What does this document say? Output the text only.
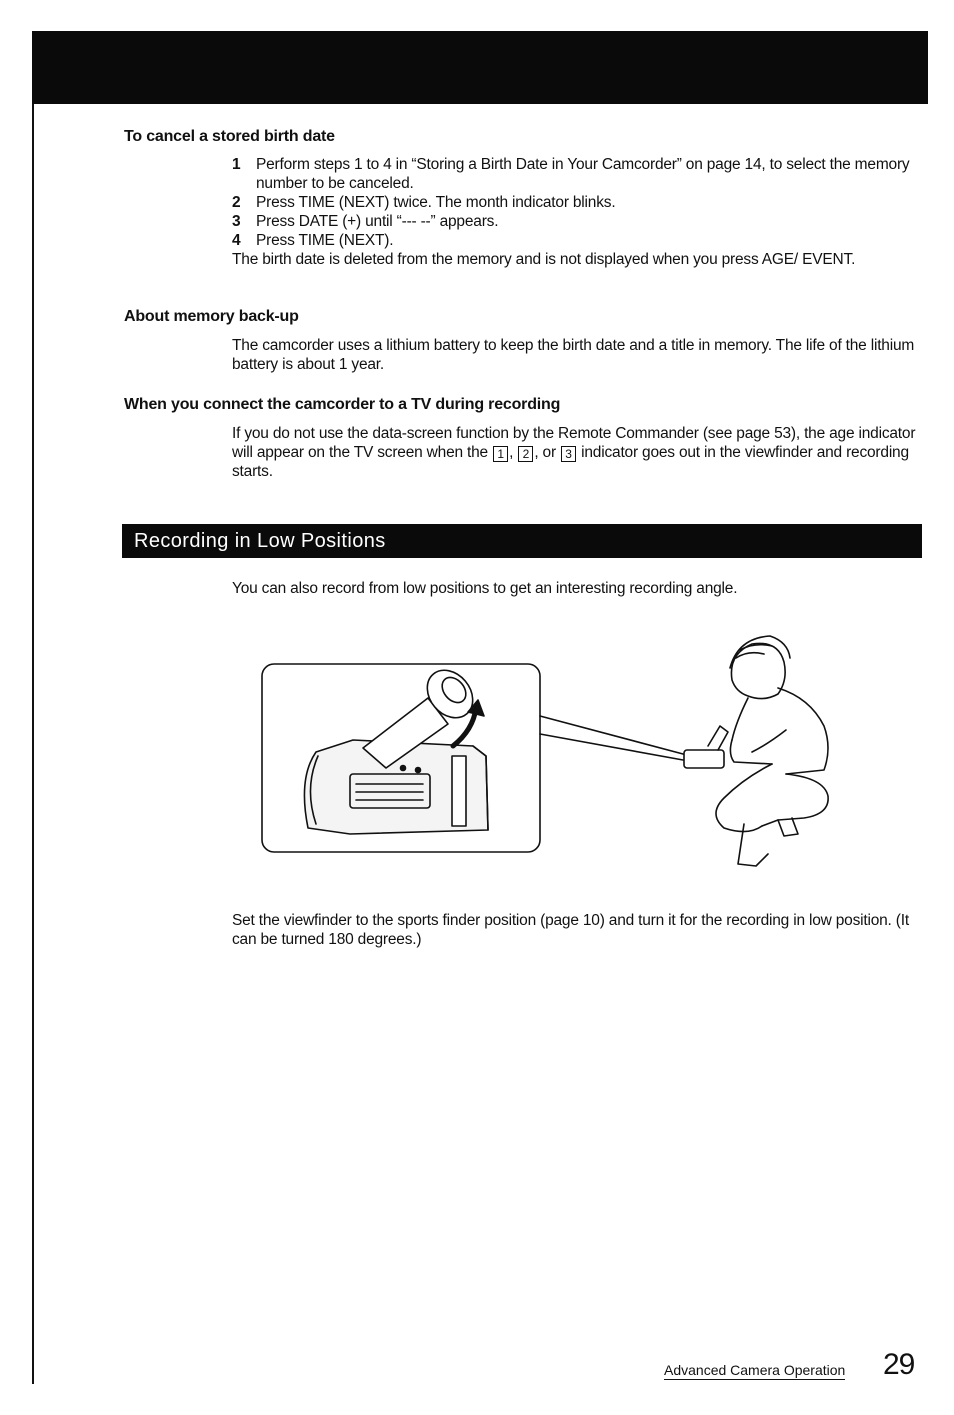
To cancel a stored birth date
1	Perform steps 1 to 4 in “Storing a Birth Date in Your Camcorder” on page 14, to select the memory number to be canceled.
2	Press TIME (NEXT) twice. The month indicator blinks.
3	Press DATE (+) until “--- --” appears.
4	Press TIME (NEXT).
The birth date is deleted from the memory and is not displayed when you press AGE/ EVENT.
About memory back-up
The camcorder uses a lithium battery to keep the birth date and a title in memory. The life of the lithium battery is about 1 year.
When you connect the camcorder to a TV during recording
If you do not use the data-screen function by the Remote Commander (see page 53), the age indicator will appear on the TV screen when the 1 , 2 , or 3 indicator goes out in the viewfinder and recording starts.
Recording in Low Positions
You can also record from low positions to get an interesting recording angle.
Set the viewfinder to the sports finder position (page 10) and turn it for the recording in low position. (It can be turned 180 degrees.)
Advanced Camera Operation 29
